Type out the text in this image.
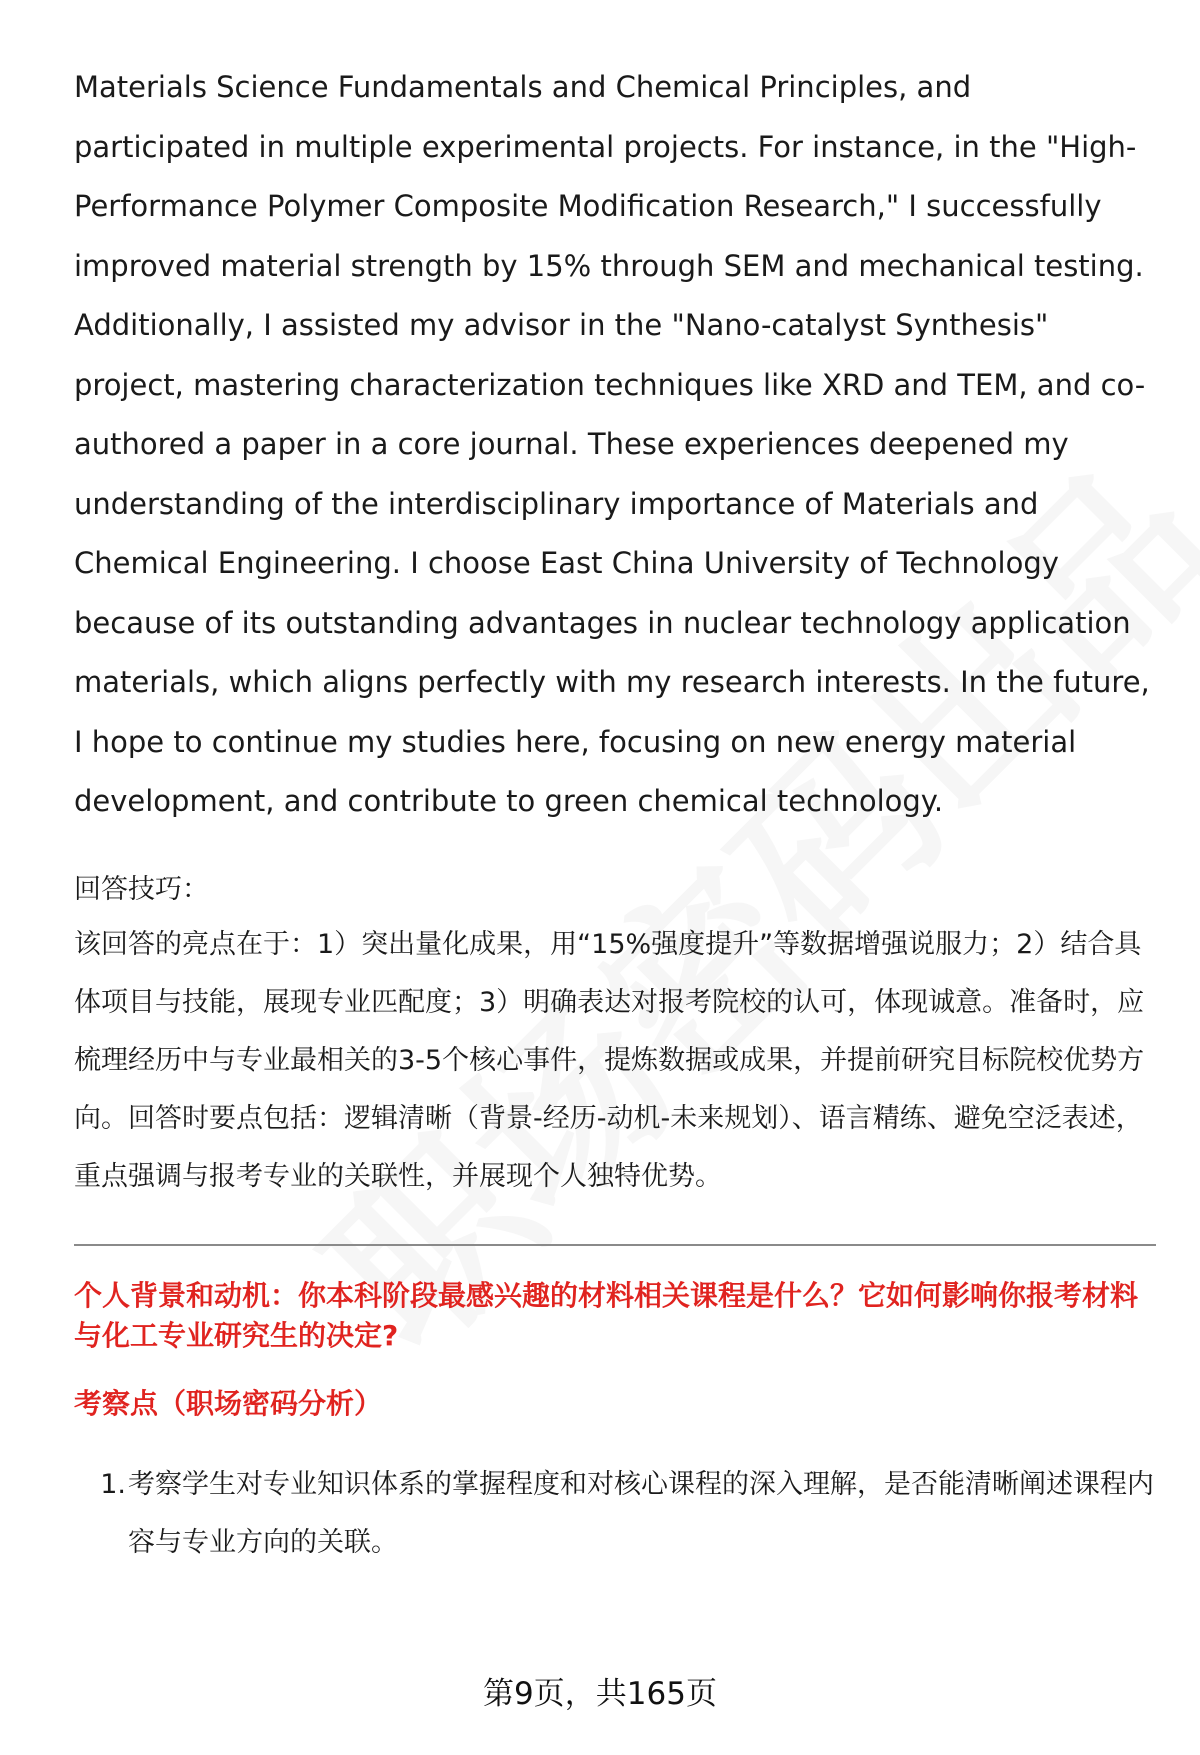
Materials Science Fundamentals and Chemical Principles, and participated in multiple experimental projects. For instance, in the "High-Performance Polymer Composite Modification Research," I successfully improved material strength by 15% through SEM and mechanical testing. Additionally, I assisted my advisor in the "Nano-catalyst Synthesis" project, mastering characterization techniques like XRD and TEM, and co-authored a paper in a core journal. These experiences deepened my understanding of the interdisciplinary importance of Materials and Chemical Engineering. I choose East China University of Technology because of its outstanding advantages in nuclear technology application materials, which aligns perfectly with my research interests. In the future, I hope to continue my studies here, focusing on new energy material development, and contribute to green chemical technology.

回答技巧：

该回答的亮点在于：1）突出量化成果，用“15%强度提升”等数据增强说服力；2）结合具体项目与技能，展现专业匹配度；3）明确表达对报考院校的认可，体现诚意。准备时，应梳理经历中与专业最相关的3-5个核心事件，提炼数据或成果，并提前研究目标院校优势方向。回答时要点包括：逻辑清晰（背景-经历-动机-未来规划）、语言精练、避免空泛表述，重点强调与报考专业的关联性，并展现个人独特优势。

个人背景和动机：你本科阶段最感兴趣的材料相关课程是什么？它如何影响你报考材料与化工专业研究生的决定?
考察点（职场密码分析）
1. 考察学生对专业知识体系的掌握程度和对核心课程的深入理解，是否能清晰阐述课程内容与专业方向的关联。
第9页，共165页
